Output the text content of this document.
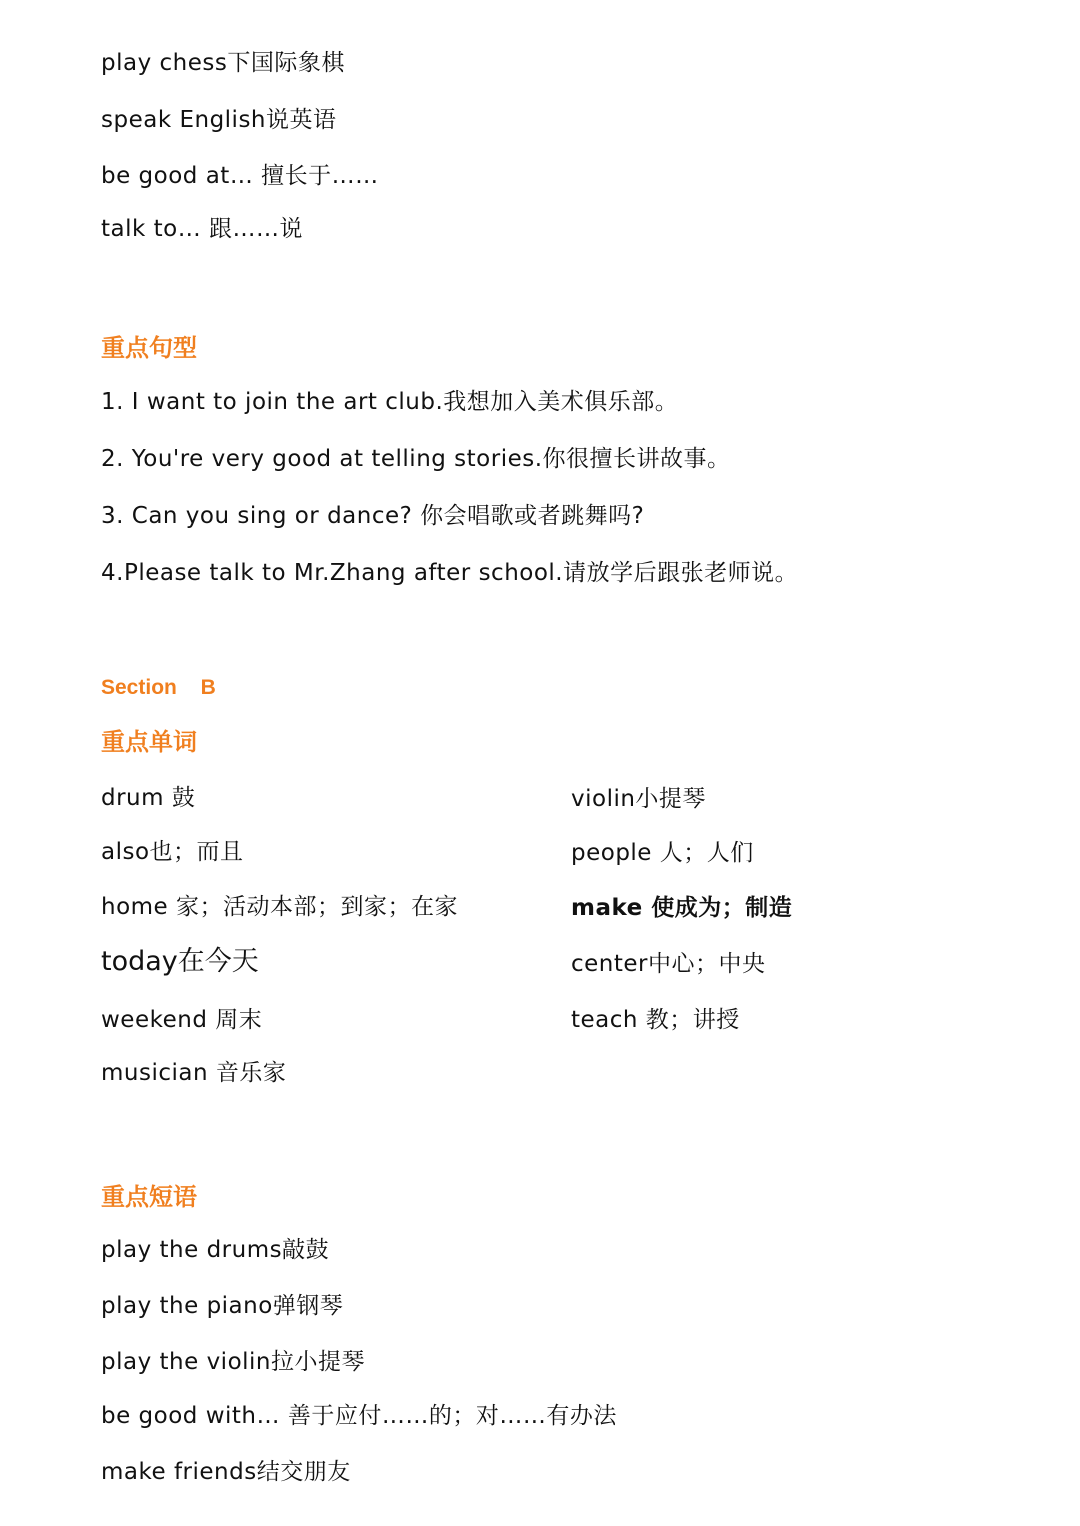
play chess下国际象棋
speak English说英语
be good at… 擅长于……
talk to… 跟……说
重点句型
1. I want to join the art club.我想加入美术俱乐部。
2. You're very good at telling stories.你很擅长讲故事。
3. Can you sing or dance? 你会唱歌或者跳舞吗?
4.Please talk to Mr.Zhang after school.请放学后跟张老师说。
Section B
重点单词
drum 鼓
also也；而且
home 家；活动本部；到家；在家
today在今天
weekend 周末
musician 音乐家
violin小提琴
people 人；人们
make 使成为；制造
center中心；中央
teach 教；讲授
重点短语
play the drums敲鼓
play the piano弹钢琴
play the violin拉小提琴
be good with… 善于应付……的；对……有办法
make friends结交朋友
